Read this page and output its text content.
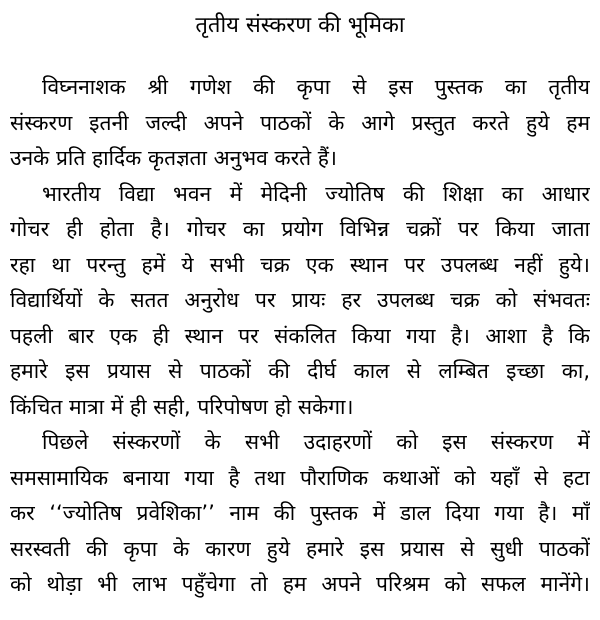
तृतीय संस्करण की भूमिका
विघ्ननाशक श्री गणेश की कृपा से इस पुस्तक का तृतीय
संस्करण इतनी जल्दी अपने पाठकों के आगे प्रस्तुत करते हुये हम
उनके प्रति हार्दिक कृतज्ञता अनुभव करते हैं।
भारतीय विद्या भवन में मेदिनी ज्योतिष की शिक्षा का आधार
गोचर ही होता है। गोचर का प्रयोग विभिन्न चक्रों पर किया जाता
रहा था परन्तु हमें ये सभी चक्र एक स्थान पर उपलब्ध नहीं हुये।
विद्यार्थियों के सतत अनुरोध पर प्रायः हर उपलब्ध चक्र को संभवतः
पहली बार एक ही स्थान पर संकलित किया गया है। आशा है कि
हमारे इस प्रयास से पाठकों की दीर्घ काल से लम्बित इच्छा का,
किंचित मात्रा में ही सही, परिपोषण हो सकेगा।
पिछले संस्करणों के सभी उदाहरणों को इस संस्करण में
समसामायिक बनाया गया है तथा पौराणिक कथाओं को यहाँ से हटा
कर ‘‘ज्योतिष प्रवेशिका’’ नाम की पुस्तक में डाल दिया गया है। माँ
सरस्वती की कृपा के कारण हुये हमारे इस प्रयास से सुधी पाठकों
को थोड़ा भी लाभ पहुँचेगा तो हम अपने परिश्रम को सफल मानेंगे।
